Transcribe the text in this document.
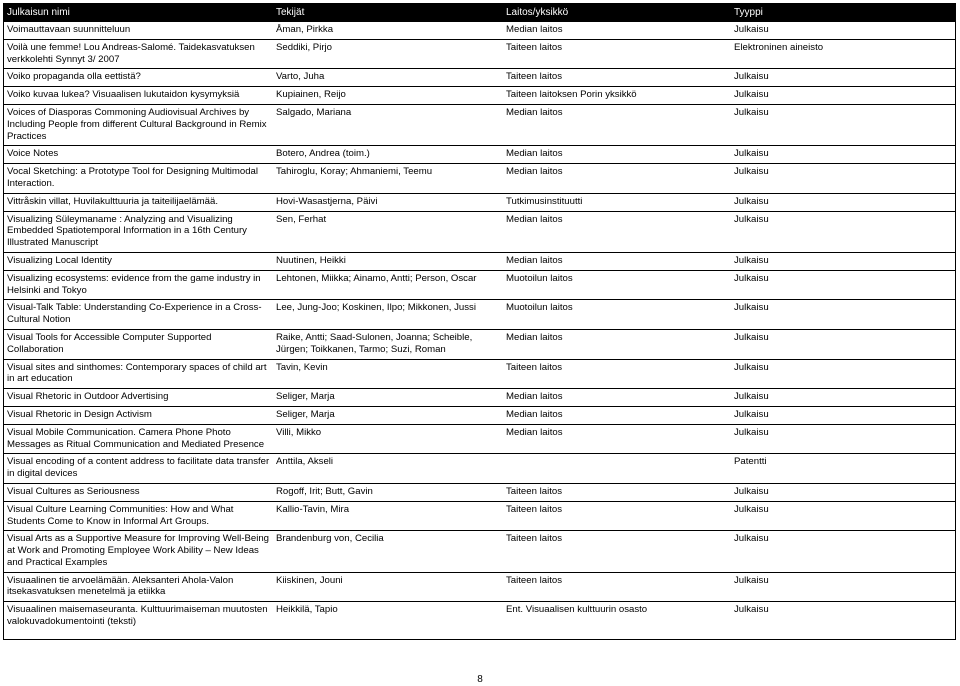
Julkaisun nimi	Tekijät	Laitos/yksikkö	Tyyppi
Voimauttavaan suunnitteluun	Åman, Pirkka	Median laitos	Julkaisu
Voilà une femme! Lou Andreas-Salomé. Taidekasvatuksen verkkolehti Synnyt 3/ 2007	Seddiki, Pirjo	Taiteen laitos	Elektroninen aineisto
Voiko propaganda olla eettistä?	Varto, Juha	Taiteen laitos	Julkaisu
Voiko kuvaa lukea? Visuaalisen lukutaidon kysymyksiä	Kupiainen, Reijo	Taiteen laitoksen Porin yksikkö	Julkaisu
Voices of Diasporas Commoning Audiovisual Archives by Including People from different Cultural Background in Remix Practices	Salgado, Mariana	Median laitos	Julkaisu
Voice Notes	Botero, Andrea (toim.)	Median laitos	Julkaisu
Vocal Sketching: a Prototype Tool for Designing Multimodal Interaction.	Tahiroglu, Koray; Ahmaniemi, Teemu	Median laitos	Julkaisu
Vittråskin villat, Huvilakulttuuria ja taiteilijaelämää.	Hovi-Wasastjerna, Päivi	Tutkimusinstituutti	Julkaisu
Visualizing Süleymaname : Analyzing and Visualizing Embedded Spatiotemporal Information in a 16th Century Illustrated Manuscript	Sen, Ferhat	Median laitos	Julkaisu
Visualizing Local Identity	Nuutinen, Heikki	Median laitos	Julkaisu
Visualizing ecosystems: evidence from the game industry in Helsinki and Tokyo	Lehtonen, Miikka; Ainamo, Antti; Person, Oscar	Muotoilun laitos	Julkaisu
Visual-Talk Table: Understanding Co-Experience in a Cross-Cultural Notion	Lee, Jung-Joo; Koskinen, Ilpo; Mikkonen, Jussi	Muotoilun laitos	Julkaisu
Visual Tools for Accessible Computer Supported Collaboration	Raike, Antti; Saad-Sulonen, Joanna; Scheible, Jürgen; Toikkanen, Tarmo; Suzi, Roman	Median laitos	Julkaisu
Visual sites and sinthomes: Contemporary spaces of child art in art education	Tavin, Kevin	Taiteen laitos	Julkaisu
Visual Rhetoric in Outdoor Advertising	Seliger, Marja	Median laitos	Julkaisu
Visual Rhetoric in Design Activism	Seliger, Marja	Median laitos	Julkaisu
Visual Mobile Communication. Camera Phone Photo Messages as Ritual Communication and Mediated Presence	Villi, Mikko	Median laitos	Julkaisu
Visual encoding of a content address to facilitate data transfer in digital devices	Anttila, Akseli		Patentti
Visual Cultures as Seriousness	Rogoff, Irit; Butt, Gavin	Taiteen laitos	Julkaisu
Visual Culture Learning Communities: How and What Students Come to Know in Informal Art Groups.	Kallio-Tavin, Mira	Taiteen laitos	Julkaisu
Visual Arts as a Supportive Measure for Improving Well-Being at Work and Promoting Employee Work Ability – New Ideas and Practical Examples	Brandenburg von, Cecilia	Taiteen laitos	Julkaisu
Visuaalinen tie arvoelämään. Aleksanteri Ahola-Valon itsekasvatuksen menetelmä ja etiikka	Kiiskinen, Jouni	Taiteen laitos	Julkaisu
Visuaalinen maisemaseuranta. Kulttuurimaiseman muutosten valokuvadokumentointi (teksti)	Heikkilä, Tapio	Ent. Visuaalisen kulttuurin osasto	Julkaisu
8
